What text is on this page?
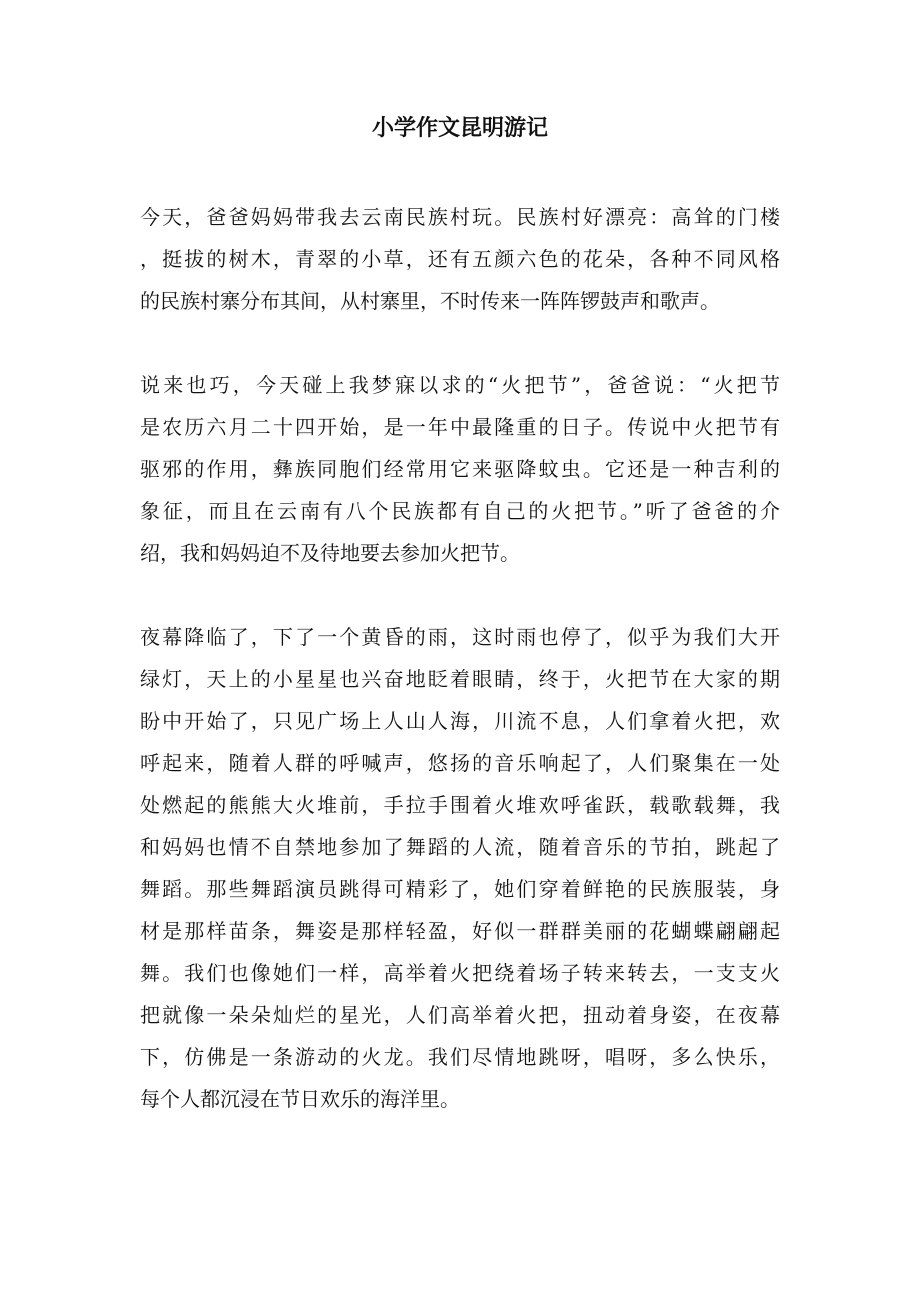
小学作文昆明游记
今天，爸爸妈妈带我去云南民族村玩。民族村好漂亮：高耸的门楼
，挺拔的树木，青翠的小草，还有五颜六色的花朵，各种不同风格
的民族村寨分布其间，从村寨里，不时传来一阵阵锣鼓声和歌声。
说来也巧，今天碰上我梦寐以求的“火把节”，爸爸说：“火把节
是农历六月二十四开始，是一年中最隆重的日子。传说中火把节有
驱邪的作用，彝族同胞们经常用它来驱降蚊虫。它还是一种吉利的
象征，而且在云南有八个民族都有自己的火把节。”听了爸爸的介
绍，我和妈妈迫不及待地要去参加火把节。
夜幕降临了，下了一个黄昏的雨，这时雨也停了，似乎为我们大开
绿灯，天上的小星星也兴奋地眨着眼睛，终于，火把节在大家的期
盼中开始了，只见广场上人山人海，川流不息，人们拿着火把，欢
呼起来，随着人群的呼喊声，悠扬的音乐响起了，人们聚集在一处
处燃起的熊熊大火堆前，手拉手围着火堆欢呼雀跃，载歌载舞，我
和妈妈也情不自禁地参加了舞蹈的人流，随着音乐的节拍，跳起了
舞蹈。那些舞蹈演员跳得可精彩了，她们穿着鲜艳的民族服装，身
材是那样苗条，舞姿是那样轻盈，好似一群群美丽的花蝴蝶翩翩起
舞。我们也像她们一样，高举着火把绕着场子转来转去，一支支火
把就像一朵朵灿烂的星光，人们高举着火把，扭动着身姿，在夜幕
下，仿佛是一条游动的火龙。我们尽情地跳呀，唱呀，多么快乐，
每个人都沉浸在节日欢乐的海洋里。
